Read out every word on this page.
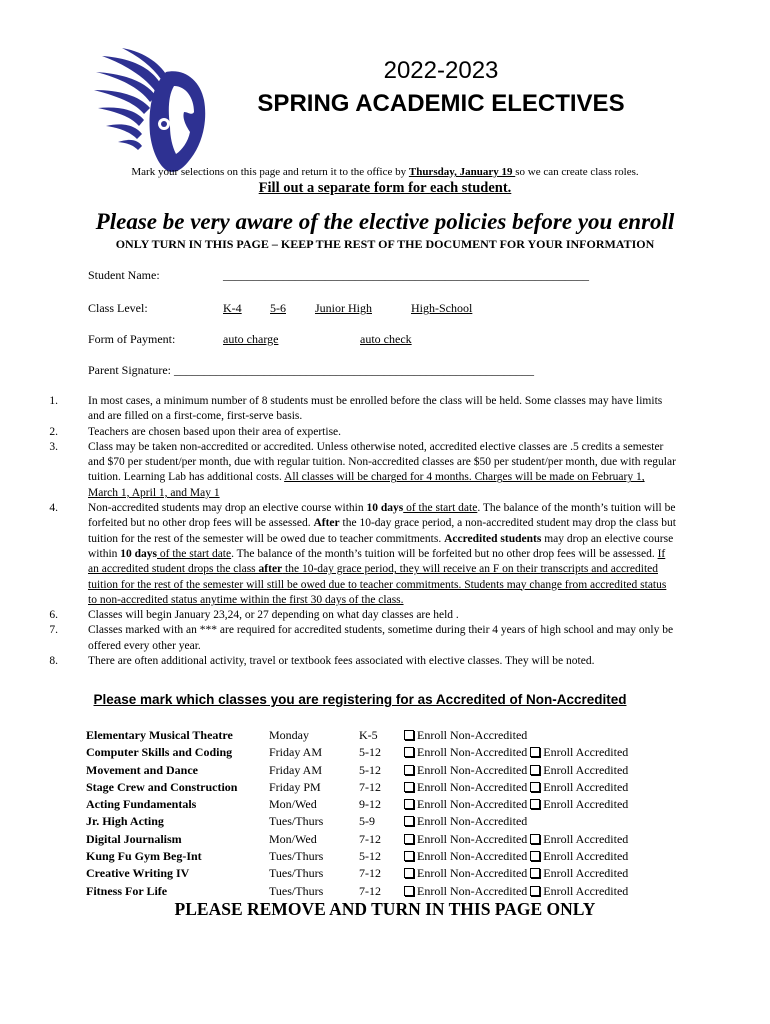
2022-2023
SPRING ACADEMIC ELECTIVES
Mark your selections on this page and return it to the office by Thursday, January 19 so we can create class roles.
Fill out a separate form for each student.
Please be very aware of the elective policies before you enroll
ONLY TURN IN THIS PAGE – KEEP THE REST OF THE DOCUMENT FOR YOUR INFORMATION
Student Name:	_____________________________________________________________
Class Level:	K-4 5-6 Junior High	High-School
Form of Payment:	auto charge	auto check
Parent Signature: ____________________________________________________________
1.	In most cases, a minimum number of 8 students must be enrolled before the class will be held. Some classes may have limits and are filled on a first-come, first-serve basis.
2.	Teachers are chosen based upon their area of expertise.
3.	Class may be taken non-accredited or accredited. Unless otherwise noted, accredited elective classes are .5 credits a semester and $70 per student/per month, due with regular tuition. Non-accredited classes are $50 per student/per month, due with regular tuition. Learning Lab has additional costs. All classes will be charged for 4 months. Charges will be made on February 1, March 1, April 1, and May 1
4.	Non-accredited students may drop an elective course within 10 days of the start date. The balance of the month’s tuition will be forfeited but no other drop fees will be assessed. After the 10-day grace period, a non-accredited student may drop the class but tuition for the rest of the semester will be owed due to teacher commitments. Accredited students may drop an elective course within 10 days of the start date. The balance of the month’s tuition will be forfeited but no other drop fees will be assessed. If an accredited student drops the class after the 10-day grace period, they will receive an F on their transcripts and accredited tuition for the rest of the semester will still be owed due to teacher commitments. Students may change from accredited status to non-accredited status anytime within the first 30 days of the class.
6.	Classes will begin January 23,24, or 27 depending on what day classes are held .
7.	Classes marked with an *** are required for accredited students, sometime during their 4 years of high school and may only be offered every other year.
8.	There are often additional activity, travel or textbook fees associated with elective classes. They will be noted.
Please mark which classes you are registering for as Accredited of Non-Accredited
Elementary Musical Theatre	Monday	K-5	Enroll Non-Accredited
Computer Skills and Coding	Friday AM	5-12	Enroll Non-Accredited Enroll Accredited
Movement and Dance	Friday AM	5-12	Enroll Non-Accredited Enroll Accredited
Stage Crew and Construction	Friday PM	7-12	Enroll Non-Accredited Enroll Accredited
Acting Fundamentals	Mon/Wed	9-12	Enroll Non-Accredited Enroll Accredited
Jr. High Acting	Tues/Thurs	5-9	Enroll Non-Accredited
Digital Journalism	Mon/Wed	7-12	Enroll Non-Accredited Enroll Accredited
Kung Fu Gym Beg-Int	Tues/Thurs	5-12	Enroll Non-Accredited Enroll Accredited
Creative Writing IV	Tues/Thurs	7-12	Enroll Non-Accredited Enroll Accredited
Fitness For Life	Tues/Thurs	7-12	Enroll Non-Accredited Enroll Accredited
PLEASE REMOVE AND TURN IN THIS PAGE ONLY
